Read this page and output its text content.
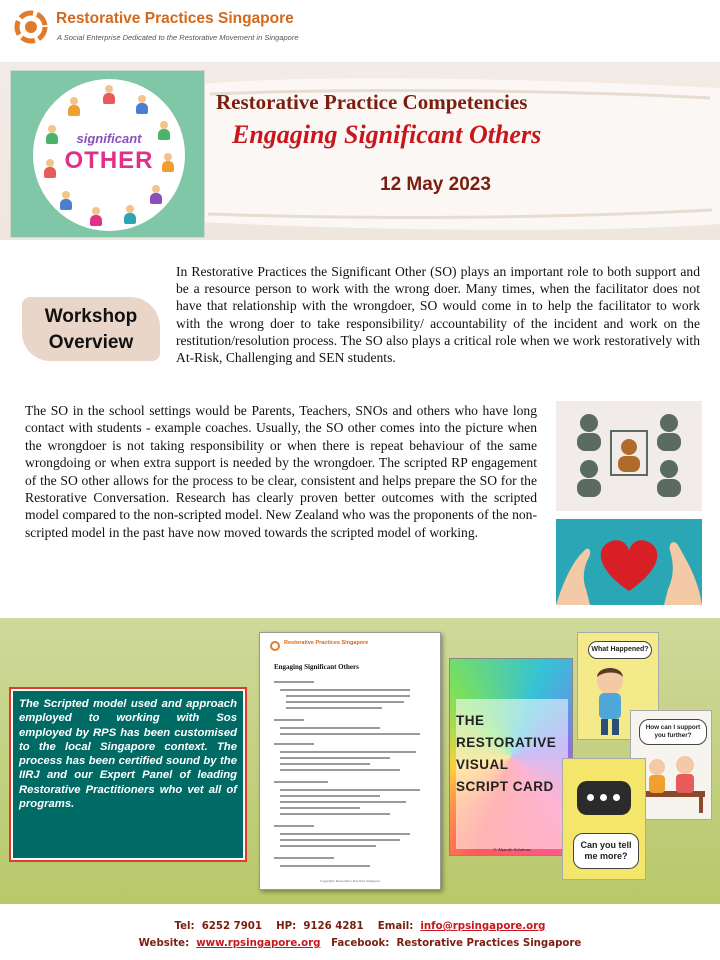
Restorative Practices Singapore
A Social Enterprise Dedicated to the Restorative Movement in Singapore
significant
OTHER
Restorative Practice Competencies
Engaging Significant Others
12 May 2023
Workshop
Overview

In Restorative Practices the Significant Other (SO) plays an important role to both support and be a resource person to work with the wrong doer. Many times, when the facilitator does not have that relationship with the wrongdoer, SO would come in to help the facilitator to work with the wrong doer to take responsibility/ accountability of the incident and work on the restitution/resolution process. The SO also plays a critical role when we work restoratively with At-Risk, Challenging and SEN students.

The SO in the school settings would be Parents, Teachers, SNOs and others who have long contact with students - example coaches. Usually, the SO other comes into the picture when the wrongdoer is not taking responsibility or when there is repeat behaviour of the same wrongdoing or when extra support is needed by the wrongdoer. The scripted RP engagement of the SO other allows for the process to be clear, consistent and helps prepare the SO for the Restorative Conversation. Research has clearly proven better outcomes with the scripted model compared to the non-scripted model. New Zealand who was the proponents of the non-scripted model in the past have now moved towards the scripted model of working.

The Scripted model used and approach employed to working with Sos employed by RPS has been customised to the local Singapore context. The process has been certified sound by the IIRJ and our Expert Panel of leading Restorative Practitioners who vet all of programs.

Restorative Practices Singapore
Engaging Significant Others
Copyright: Restorative Practices Singapore
THE
RESTORATIVE
VISUAL
SCRIPT CARD
© Akaroth Solutions
What Happened?
How can I support you further?
Can you tell me more?
Tel: 6252 7901 HP: 9126 4281 Email: info@rpsingapore.org
Website: www.rpsingapore.org Facebook: Restorative Practices Singapore
